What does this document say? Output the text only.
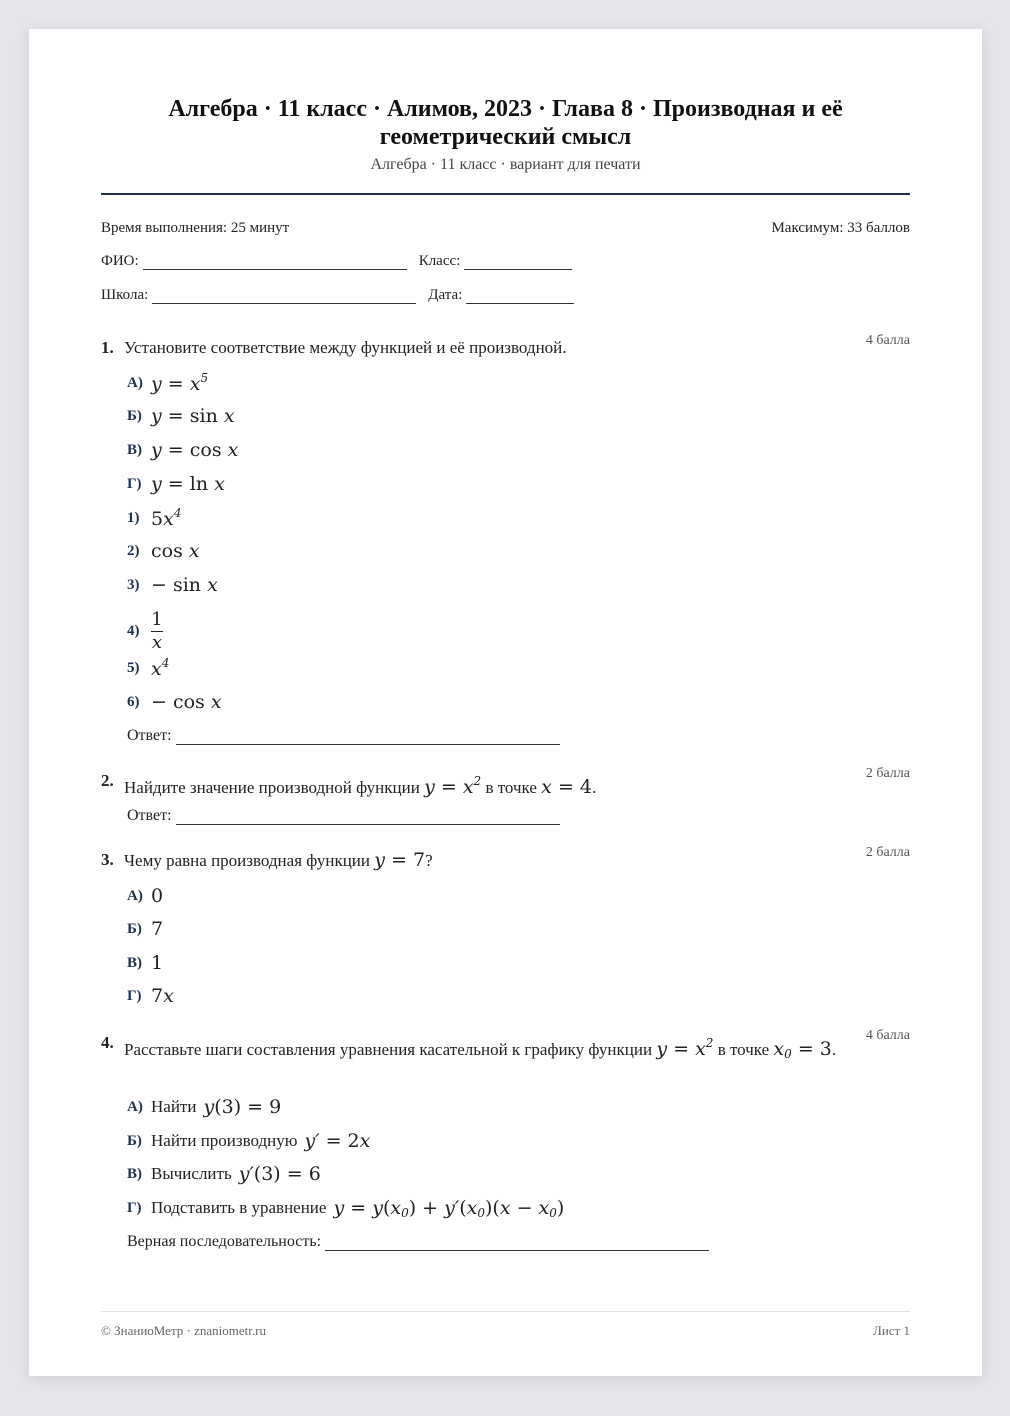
Алгебра · 11 класс · Алимов, 2023 · Глава 8 · Производная и её геометрический смысл
Алгебра · 11 класс · вариант для печати
Время выполнения: 25 минут	Максимум: 33 баллов
ФИО:	Класс:
Школа:	Дата:
1. Установите соответствие между функцией и её производной.	4 балла
А) $y = x^5$
Б) y = sin x
В) y = cos x
Г) y = ln x
1) $5x^4$
2) cos x
3) − sin x
$4) \frac{1}{x}$
5) $x^4$
6) − cos x
Ответ:
2. Найдите значение производной функции $y = x^2$ в точке x = 4.
2 балла
Ответ:
3. Чему равна производная функции y = 7?	2 балла
А) 0
Б) 7
В) 1
Г) 7x
4. Расставьте шаги составления уравнения касательной к графику функции $y = x^2$ в точке $x_0 = 3$.
4 балла
А) Найти y(3) = 9
Б) Найти производную y′ = 2x
В) Вычислить y′(3) = 6
Г) Подставить в уравнение $y = y(x_0) + y'(x_0)(x - x_0)$
Верная последовательность:
© ЗнаниоМетр · znaniometr.ru	Лист 1
